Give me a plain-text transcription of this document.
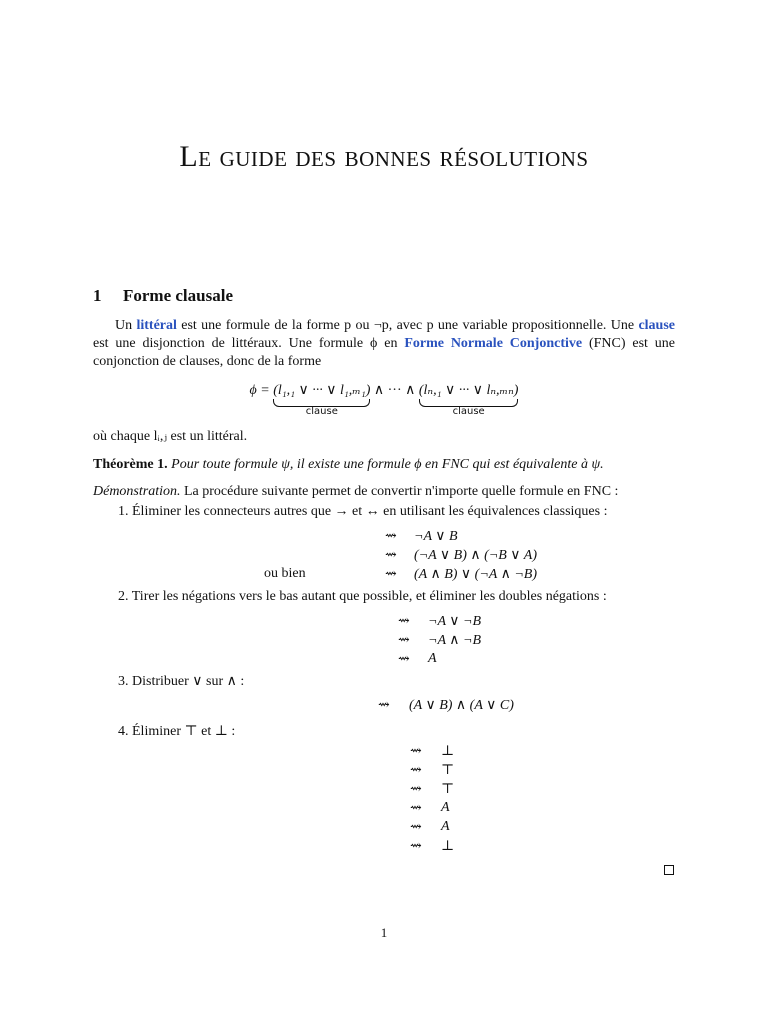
Le guide des bonnes résolutions
1 Forme clausale

Un littéral est une formule de la forme p ou ¬p, avec p une variable propositionnelle. Une clause est une disjonction de littéraux. Une formule ϕ en Forme Normale Conjonctive (FNC) est une conjonction de clauses, donc de la forme

ϕ = (l₁,₁ ∨ ··· ∨ l₁,ₘ₁)
clause
∧ ··· ∧ (lₙ,₁ ∨ ··· ∨ lₙ,ₘₙ)
clause

où chaque lᵢ,ⱼ est un littéral.

Théorème 1. Pour toute formule ψ, il existe une formule ϕ en FNC qui est équivalente à ψ.

Démonstration. La procédure suivante permet de convertir n'importe quelle formule en FNC :

1. Éliminer les connecteurs autres que → et ↔ en utilisant les équivalences classiques :
⇝ ¬A ∨ B
⇝ (¬A ∨ B) ∧ (¬B ∨ A)
ou bien	⇝ (A ∧ B) ∨ (¬A ∧ ¬B)
2. Tirer les négations vers le bas autant que possible, et éliminer les doubles négations :
⇝ ¬A ∨ ¬B
⇝ ¬A ∧ ¬B
⇝ A
3. Distribuer ∨ sur ∧ :
⇝ (A ∨ B) ∧ (A ∨ C)
4. Éliminer ⊤ et ⊥ :
⇝ ⊥
⇝ ⊤
⇝ ⊤
⇝ A
⇝ A
⇝ ⊥
1
